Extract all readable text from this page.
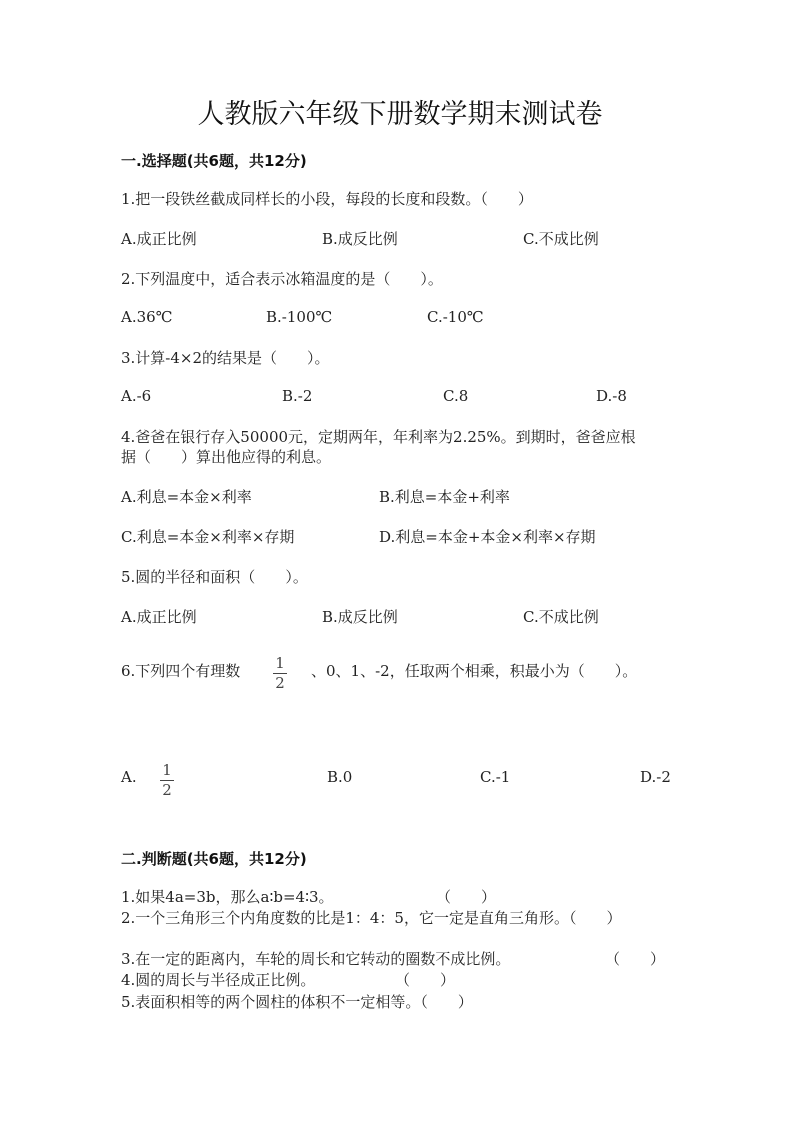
人教版六年级下册数学期末测试卷
一.选择题(共6题，共12分)
1.把一段铁丝截成同样长的小段，每段的长度和段数。（　　）
A.成正比例	B.成反比例	C.不成比例
2.下列温度中，适合表示冰箱温度的是（　　）。
A.36℃	B.-100℃	C.-10℃
3.计算-4×2的结果是（　　）。
A.-6	B.-2	C.8	D.-8
4.爸爸在银行存入50000元，定期两年，年利率为2.25%。到期时，爸爸应根
据（　　）算出他应得的利息。
A.利息=本金×利率	B.利息=本金+利率
C.利息=本金×利率×存期	D.利息=本金+本金×利率×存期
5.圆的半径和面积（　　）。
A.成正比例	B.成反比例	C.不成比例
6.下列四个有理数 1
2
、0、1、-2，任取两个相乘，积最小为（　　）。
A. 1
2
B.0	C.-1	D.-2
二.判断题(共6题，共12分)
1.如果4a=3b，那么a∶b=4∶3。	（　　）
2.一个三角形三个内角度数的比是1：4：5，它一定是直角三角形。（　　）
3.在一定的距离内，车轮的周长和它转动的圈数不成比例。	（　　）
4.圆的周长与半径成正比例。	（　　）
5.表面积相等的两个圆柱的体积不一定相等。（　　）
